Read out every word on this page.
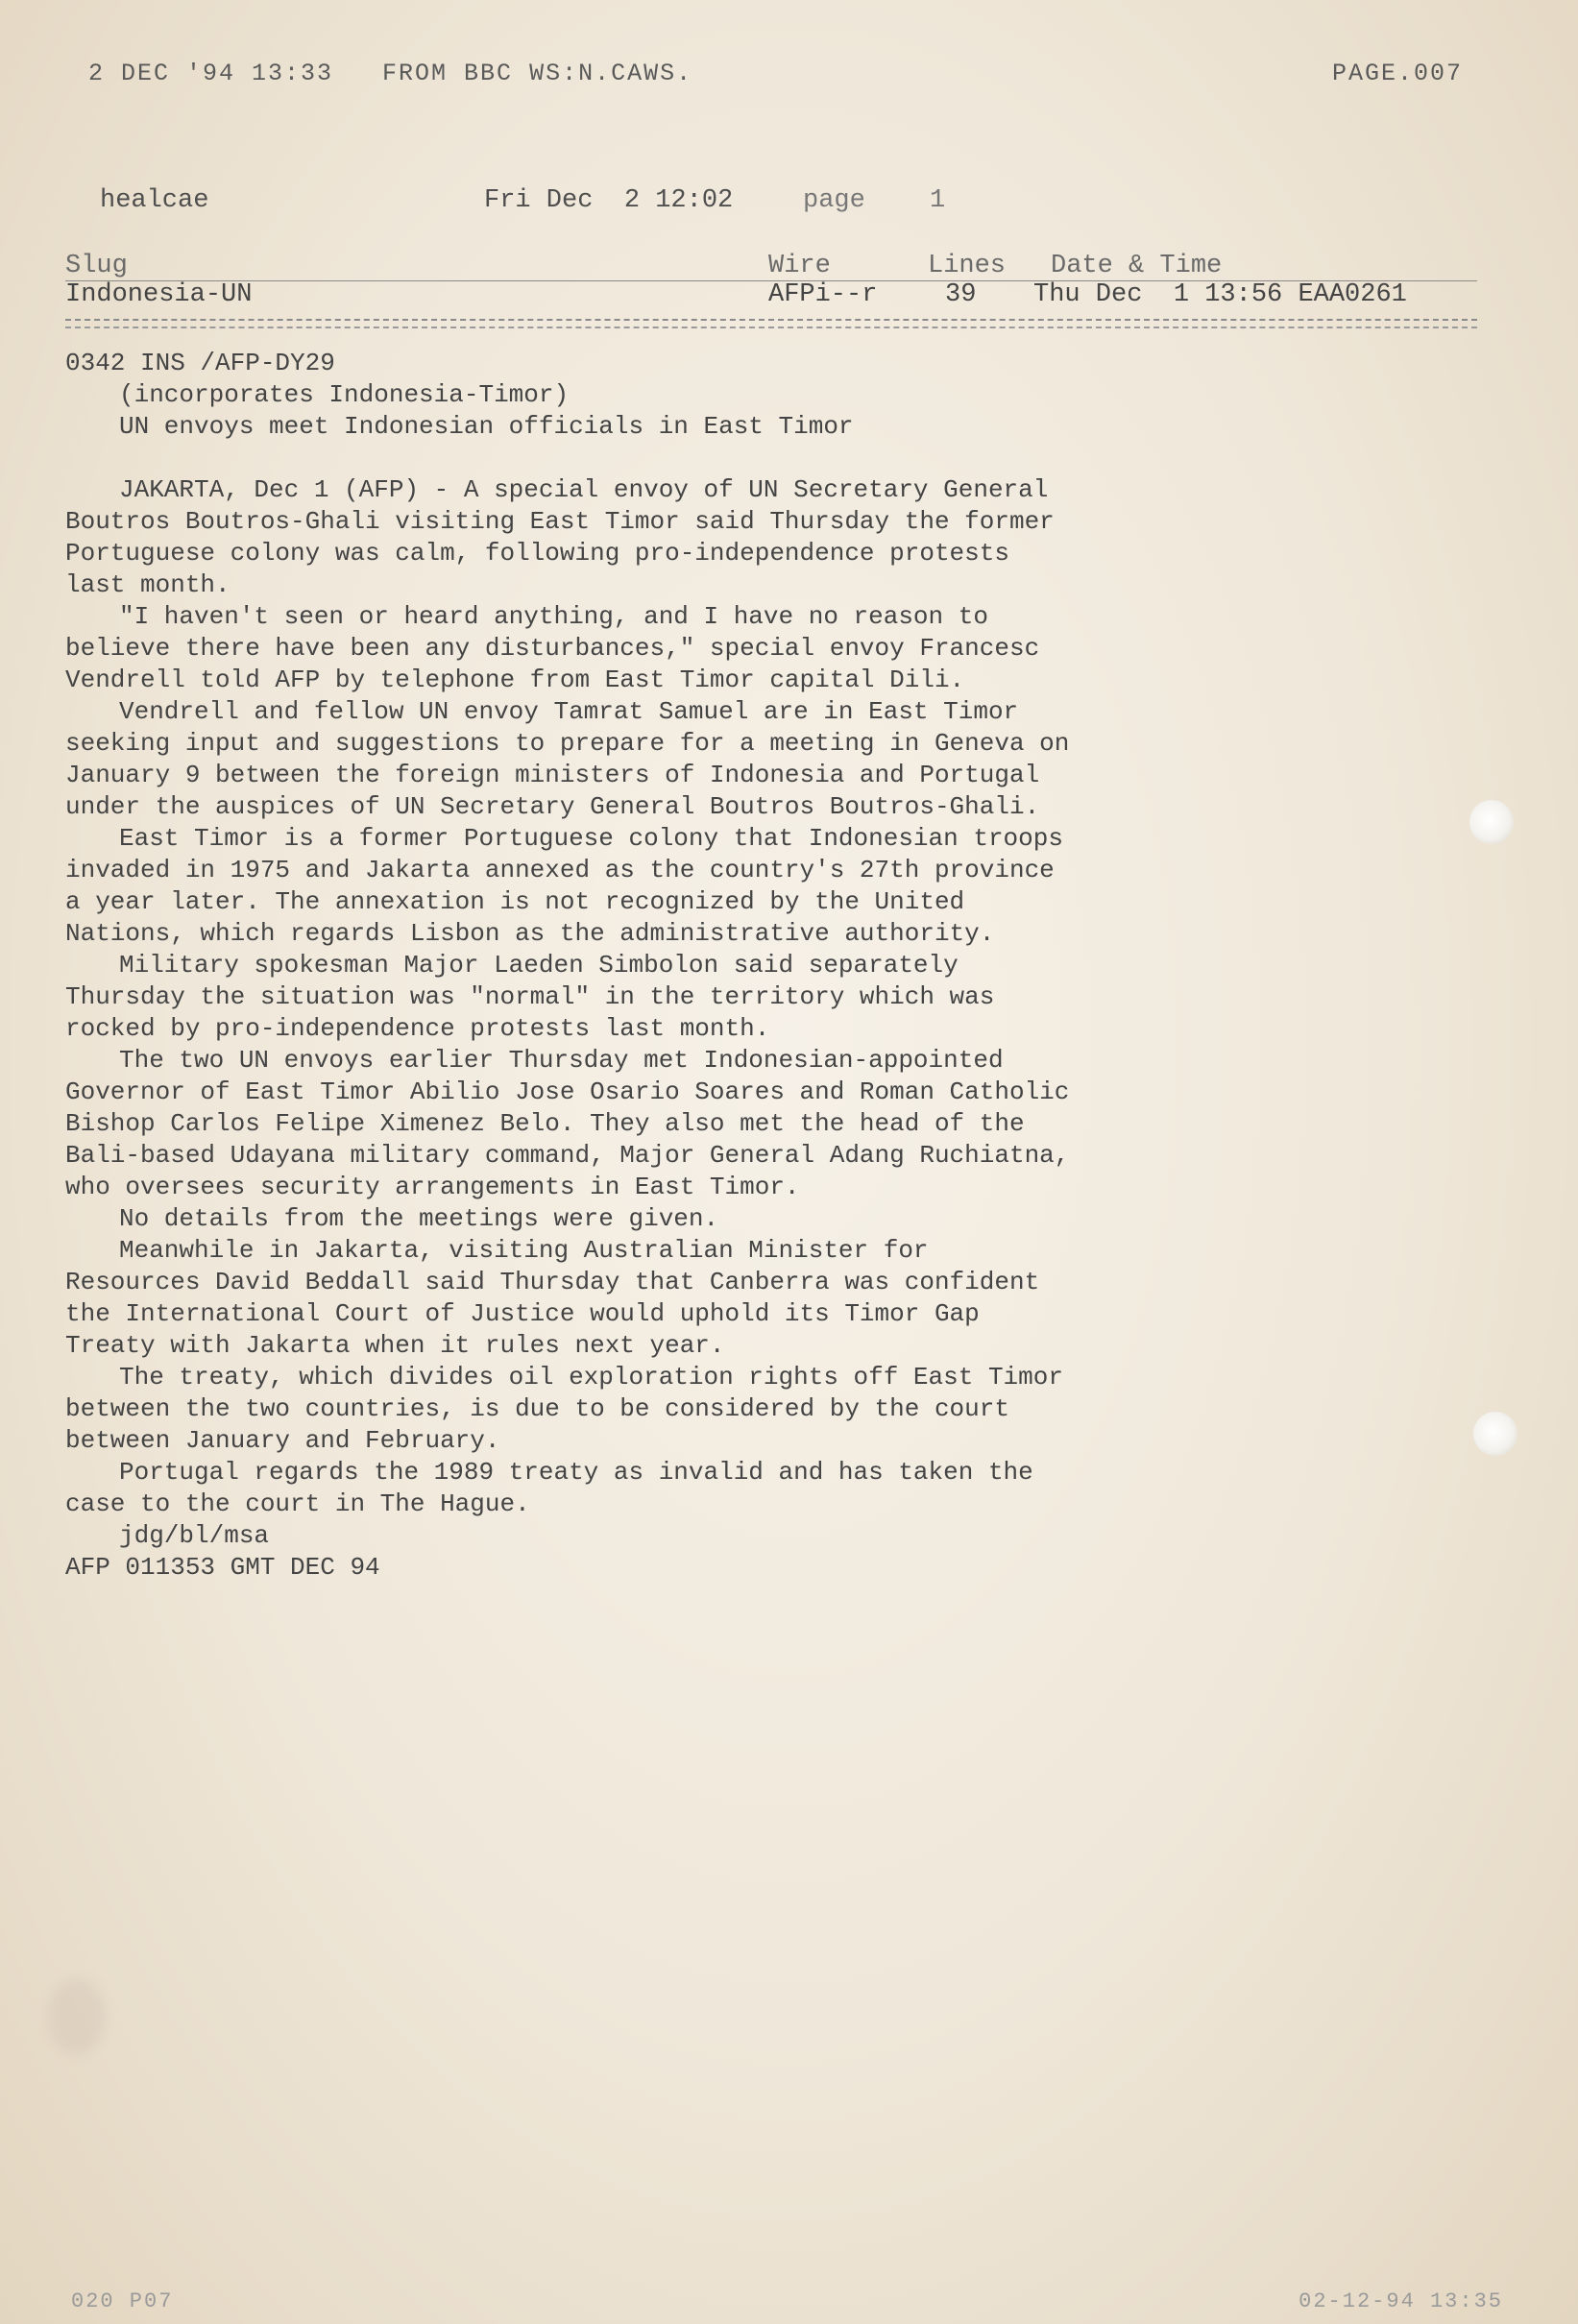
2 DEC '94 13:33   FROM BBC WS:N.CAWS.	PAGE.007
healcae	Fri Dec  2 12:02	page 1
Slug	Wire	Lines Date & Time
Indonesia-UN	AFPi--r	39 Thu Dec  1 13:56 EAA0261
0342 INS /AFP-DY29
(incorporates Indonesia-Timor)
UN envoys meet Indonesian officials in East Timor
JAKARTA, Dec 1 (AFP) - A special envoy of UN Secretary General
Boutros Boutros-Ghali visiting East Timor said Thursday the former
Portuguese colony was calm, following pro-independence protests
last month.
"I haven't seen or heard anything, and I have no reason to
believe there have been any disturbances," special envoy Francesc
Vendrell told AFP by telephone from East Timor capital Dili.
Vendrell and fellow UN envoy Tamrat Samuel are in East Timor
seeking input and suggestions to prepare for a meeting in Geneva on
January 9 between the foreign ministers of Indonesia and Portugal
under the auspices of UN Secretary General Boutros Boutros-Ghali.
East Timor is a former Portuguese colony that Indonesian troops
invaded in 1975 and Jakarta annexed as the country's 27th province
a year later. The annexation is not recognized by the United
Nations, which regards Lisbon as the administrative authority.
Military spokesman Major Laeden Simbolon said separately
Thursday the situation was "normal" in the territory which was
rocked by pro-independence protests last month.
The two UN envoys earlier Thursday met Indonesian-appointed
Governor of East Timor Abilio Jose Osario Soares and Roman Catholic
Bishop Carlos Felipe Ximenez Belo. They also met the head of the
Bali-based Udayana military command, Major General Adang Ruchiatna,
who oversees security arrangements in East Timor.
No details from the meetings were given.
Meanwhile in Jakarta, visiting Australian Minister for
Resources David Beddall said Thursday that Canberra was confident
the International Court of Justice would uphold its Timor Gap
Treaty with Jakarta when it rules next year.
The treaty, which divides oil exploration rights off East Timor
between the two countries, is due to be considered by the court
between January and February.
Portugal regards the 1989 treaty as invalid and has taken the
case to the court in The Hague.
jdg/bl/msa
AFP 011353 GMT DEC 94
020 P07	02-12-94 13:35
